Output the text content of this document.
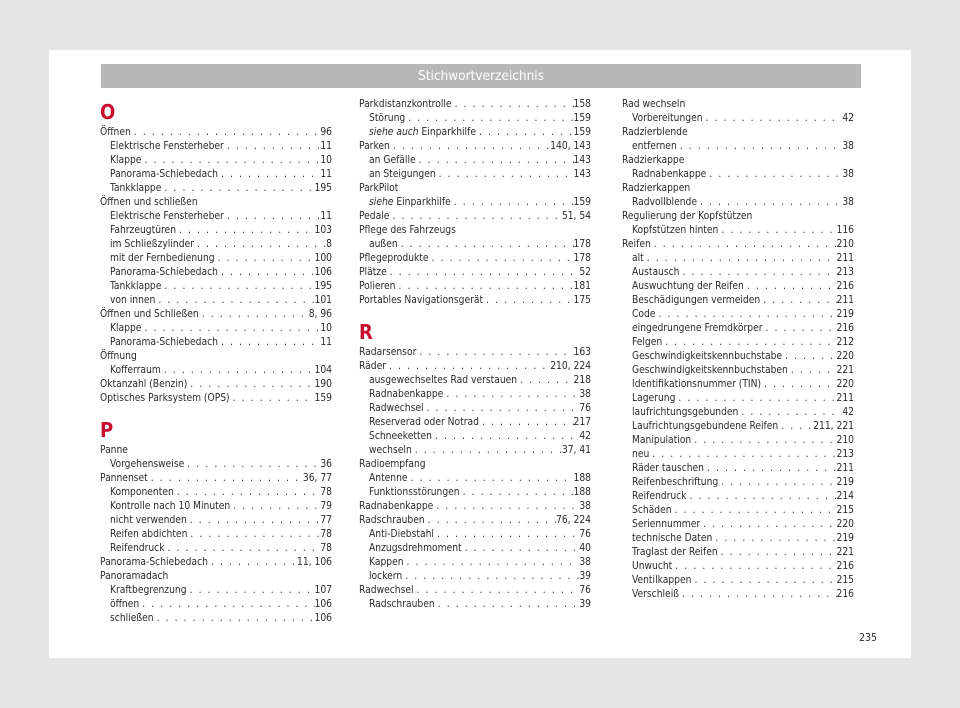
Stichwortverzeichnis
O
Öffnen . . .	96
Elektrische Fensterheber . . .	11
Klappe . . .	10
Panorama-Schiebedach . . .	11
Tankklappe . . .	195
Öffnen und schließen
Elektrische Fensterheber . . .	11
Fahrzeugtüren . . .	103
im Schließzylinder . . .	8
mit der Fernbedienung . . .	100
Panorama-Schiebedach . . .	106
Tankklappe . . .	195
von innen . . .	101
Öffnen und Schließen . . .	8, 96
Klappe . . .	10
Panorama-Schiebedach . . .	11
Öffnung
Kofferraum . . .	104
Oktanzahl (Benzin) . . .	190
Optisches Parksystem (OPS) . . .	159
P
Panne
Vorgehensweise . . .	36
Pannenset . . .	36, 77
Komponenten . . .	78
Kontrolle nach 10 Minuten . . .	79
nicht verwenden . . .	77
Reifen abdichten . . .	78
Reifendruck . . .	78
Panorama-Schiebedach . . .	11, 106
Panoramadach
Kraftbegrenzung . . .	107
öffnen . . .	106
schließen . . .	106
Parkdistanzkontrolle . . .	158
Störung . . .	159
siehe auch Einparkhilfe . . .	159
Parken . . .	140, 143
an Gefälle . . .	143
an Steigungen . . .	143
ParkPilot
siehe Einparkhilfe . . .	159
Pedale . . .	51, 54
Pflege des Fahrzeugs
außen . . .	178
Pflegeprodukte . . .	178
Plätze . . .	52
Polieren . . .	181
Portables Navigationsgerät . . .	175
R
Radarsensor . . .	163
Räder . . .	210, 224
ausgewechseltes Rad verstauen . . .	218
Radnabenkappe . . .	38
Radwechsel . . .	76
Reserverad oder Notrad . . .	217
Schneeketten . . .	42
wechseln . . .	37, 41
Radioempfang
Antenne . . .	188
Funktionsstörungen . . .	188
Radnabenkappe . . .	38
Radschrauben . . .	76, 224
Anti-Diebstahl . . .	76
Anzugsdrehmoment . . .	40
Kappen . . .	38
lockern . . .	39
Radwechsel . . .	76
Radschrauben . . .	39
Rad wechseln
Vorbereitungen . . .	42
Radzierblende
entfernen . . .	38
Radzierkappe
Radnabenkappe . . .	38
Radzierkappen
Radvollblende . . .	38
Regulierung der Kopfstützen
Kopfstützen hinten . . .	116
Reifen . . .	210
alt . . .	211
Austausch . . .	213
Auswuchtung der Reifen . . .	216
Beschädigungen vermeiden . . .	211
Code . . .	219
eingedrungene Fremdkörper . . .	216
Felgen . . .	212
Geschwindigkeitskennbuchstabe . . .	220
Geschwindigkeitskennbuchstaben . . .	221
Identifikationsnummer (TIN) . . .	220
Lagerung . . .	211
laufrichtungsgebunden . . .	42
Laufrichtungsgebundene Reifen . . .	211, 221
Manipulation . . .	210
neu . . .	213
Räder tauschen . . .	211
Reifenbeschriftung . . .	219
Reifendruck . . .	214
Schäden . . .	215
Seriennummer . . .	220
technische Daten . . .	219
Traglast der Reifen . . .	221
Unwucht . . .	216
Ventilkappen . . .	215
Verschleiß . . .	216
235
